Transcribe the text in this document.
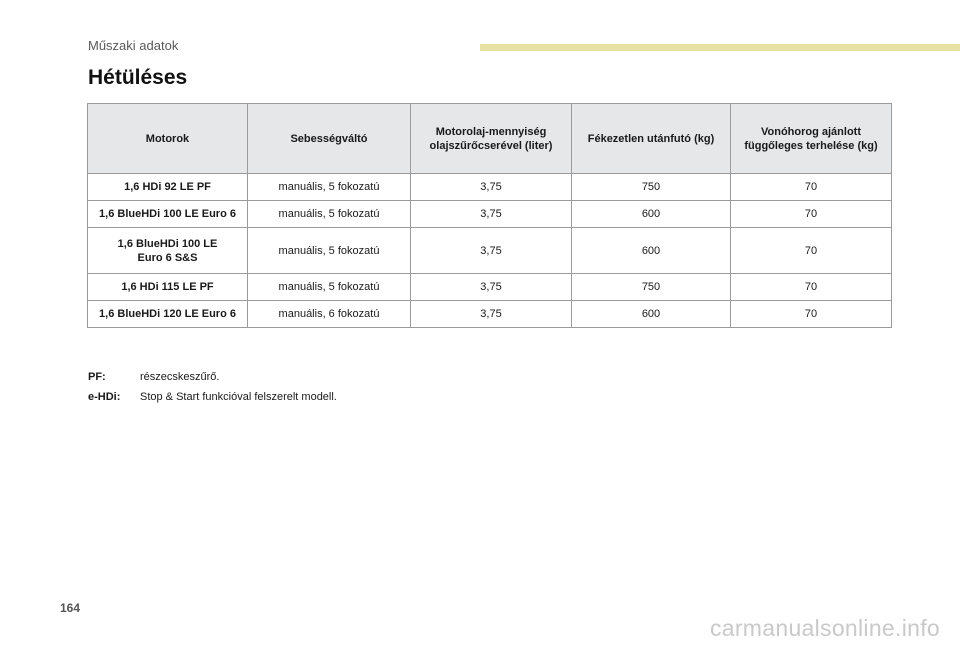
Műszaki adatok
Hétüléses
Motorok	Sebességváltó	Motorolaj-mennyiség olajszűrőcserével (liter)	Fékezetlen utánfutó (kg)	Vonóhorog ajánlott függőleges terhelése (kg)
1,6 HDi 92 LE PF	manuális, 5 fokozatú	3,75	750	70
1,6 BlueHDi 100 LE Euro 6	manuális, 5 fokozatú	3,75	600	70

1,6 BlueHDi 100 LE Euro 6 S&S	manuális, 5 fokozatú	3,75	600	70
1,6 HDi 115 LE PF	manuális, 5 fokozatú	3,75	750	70
1,6 BlueHDi 120 LE Euro 6	manuális, 6 fokozatú	3,75	600	70
PF:	részecskeszűrő.
e-HDi:	Stop & Start funkcióval felszerelt modell.
164
carmanualsonline.info
